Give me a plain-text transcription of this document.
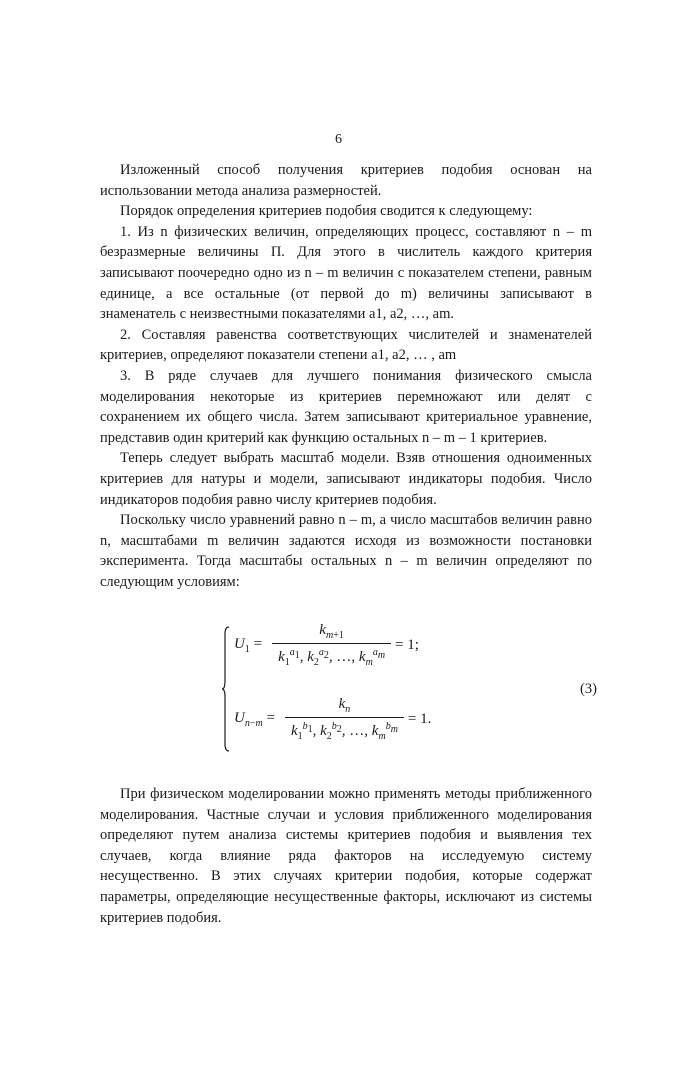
6

Изложенный способ получения критериев подобия основан на использовании метода анализа размерностей.

Порядок определения критериев подобия сводится к следующему:

1. Из n физических величин, определяющих процесс, составляют n – m безразмерные величины П. Для этого в числитель каждого критерия записывают поочередно одно из n – m величин с показателем степени, равным единице, а все остальные (от первой до m) величины записывают в знаменатель с неизвестными показателями a1, a2, …, am.

2. Составляя равенства соответствующих числителей и знаменателей критериев, определяют показатели степени a1, a2, … , am

3. В ряде случаев для лучшего понимания физического смысла моделирования некоторые из критериев перемножают или делят с сохранением их общего числа. Затем записывают критериальное уравнение, представив один критерий как функцию остальных n – m – 1 критериев.

Теперь следует выбрать масштаб модели. Взяв отношения одноименных критериев для натуры и модели, записывают индикаторы подобия. Число индикаторов подобия равно числу критериев подобия.

Поскольку число уравнений равно n – m, а число масштабов величин равно n, масштабами m величин задаются исходя из возможности постановки эксперимента. Тогда масштабы остальных n – m величин определяют по следующим условиям:

$U_1 = \frac{k_{m+1}}{k_1^{a_1}, k_2^{a_2}, \dots, k_m^{a_m}} = 1$;
$U_{n-m} = \frac{k_n}{k_1^{b_1}, k_2^{b_2}, \dots, k_m^{b_m}} = 1$.
(3)

При физическом моделировании можно применять методы приближенного моделирования. Частные случаи и условия приближенного моделирования определяют путем анализа системы критериев подобия и выявления тех случаев, когда влияние ряда факторов на исследуемую систему несущественно. В этих случаях критерии подобия, которые содержат параметры, определяющие несущественные факторы, исключают из системы критериев подобия.
